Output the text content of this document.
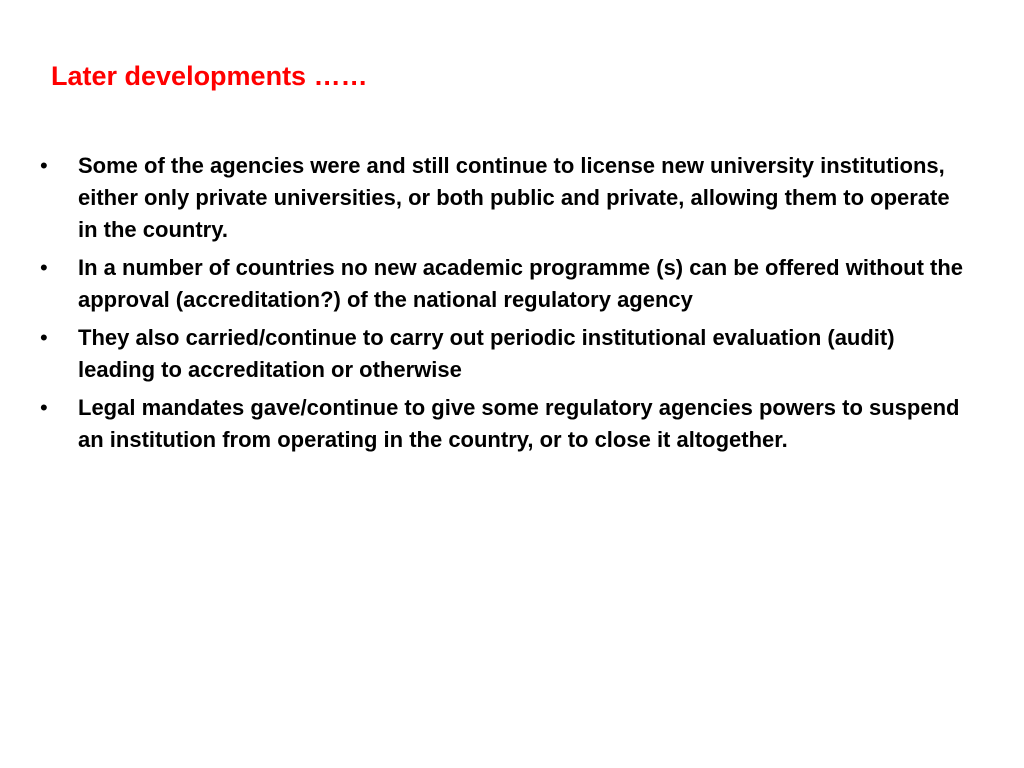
Later developments ……
•	Some of the agencies were and still continue to license new university institutions, either only private universities, or both public and private, allowing them to operate in the country.
•	In a number of countries no new academic programme (s) can be offered without the approval (accreditation?) of the national regulatory agency
•	They also carried/continue to carry out periodic institutional evaluation (audit) leading to accreditation or otherwise
•	Legal mandates gave/continue to give some regulatory agencies powers to suspend an institution from operating in the country, or to close it altogether.
